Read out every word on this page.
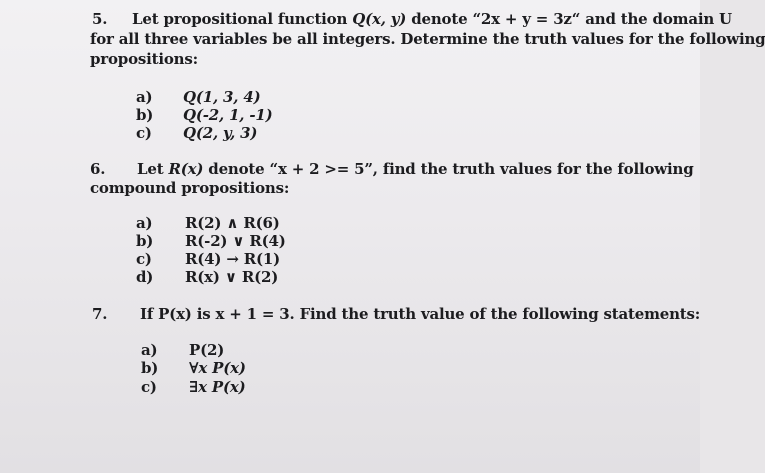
5. Let propositional function Q(x, y) denote “2x + y = 3z“ and the domain U
for all three variables be all integers. Determine the truth values for the following
propositions:
a) Q(1, 3, 4)
b) Q(-2, 1, -1)
c) Q(2, y, 3)
6. Let R(x) denote “x + 2 >= 5”, find the truth values for the following
compound propositions:
a) R(2) ∧ R(6)
b) R(-2) ∨ R(4)
c) R(4) → R(1)
d) R(x) ∨ R(2)
7. If P(x) is x + 1 = 3. Find the truth value of the following statements:
a) P(2)
b) ∀x P(x)
c) ∃x P(x)
